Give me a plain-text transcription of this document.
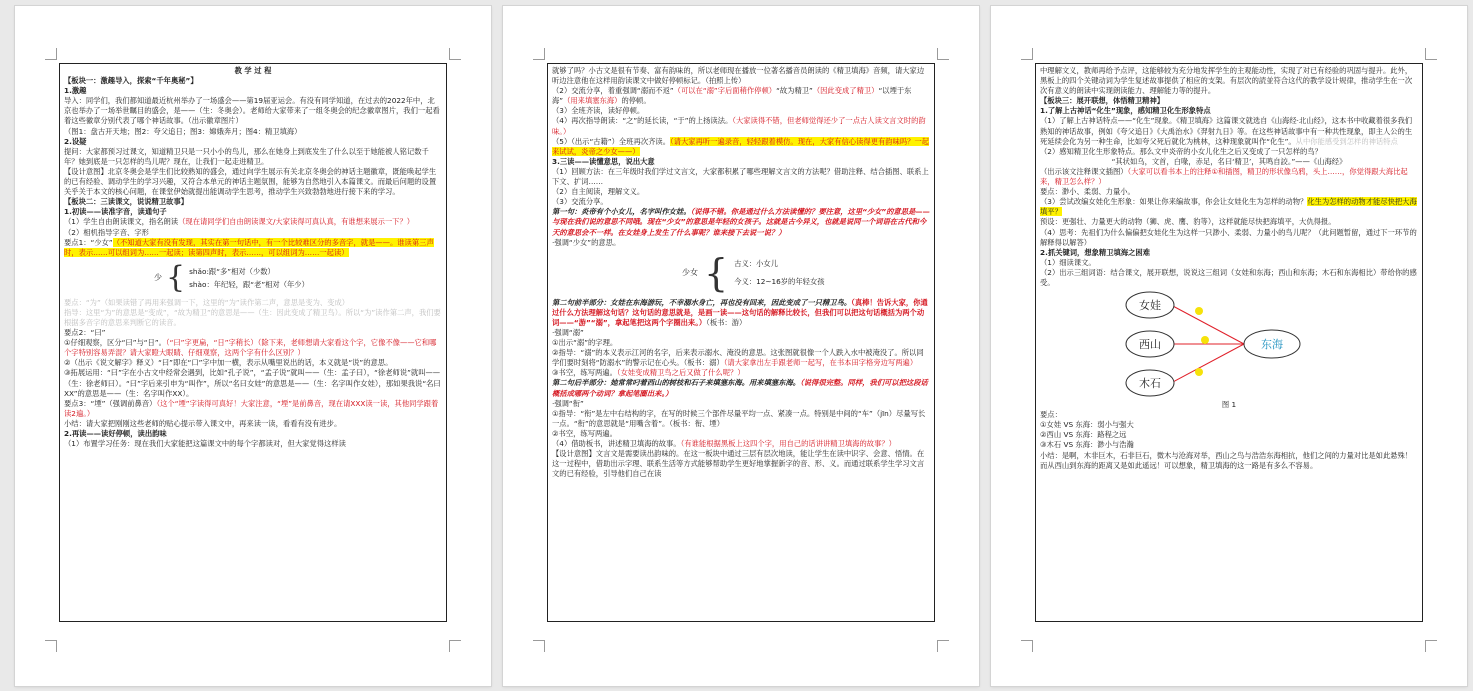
教 学 过 程

【板块一：激趣导入，探索“千年奥秘”】

1.激趣

导入：同学们，我们都知道最近杭州举办了一场盛会——第19届亚运会。有没有同学知道，在过去的2022年中，北京也举办了一场举世瞩目的盛会，是——（生：冬奥会）。老师给大家带来了一组冬奥会的纪念徽章图片，我们一起看着这些徽章分别代表了哪个神话故事。（出示徽章图片）

（图1：盘古开天地；图2：夸父追日；图3：嫦娥奔月；图4：精卫填海）

2.设疑

提问：大家都预习过课文，知道精卫只是一只小小的鸟儿，那么在她身上到底发生了什么以至于她能被人铭记数千年？她到底是一只怎样的鸟儿呢？现在，让我们一起走进精卫。

【设计意图】北京冬奥会是学生们比较熟知的盛会，通过向学生展示有关北京冬奥会的神话主题徽章，既能唤起学生的已有经验、调动学生的学习兴趣，又符合本单元的神话主题氛围，能够为自然地引入本篇课文。而最后问题的设置关乎关于本文的核心问题，在课堂伊始就提出能调动学生思考，推动学生兴致勃勃地进行接下来的学习。

【板块二：三读课文，说说精卫故事】

1.初读——读准字音，读通句子

（1）学生自由朗读课文，指名朗读（现在请同学们自由朗读课文/大家读得可真认真，有谁想来展示一下？）

（2）相机指导字音、字形

要点1：“少女”（不知道大家有没有发现，其实在第一句话中，有一个比较难区分的多音字，就是——。谁读第三声时，表示……可以组词为……一起读；读第四声时，表示……，可以组词为……一起读）

少 { shǎo:跟“多”相对（少数）
shào：年纪轻，跟“老”相对（年少）

要点：“为”（如果读错了再用来强调一下，这里的“为”读作第二声，意思是变为、变成）

指导：这里“为”的意思是“变成”，“故为精卫”的意思是——（生：因此变成了精卫鸟）。所以“为”读作第二声，我们要根据多音字的意思来判断它的读音。

要点2：“曰”

①仔细观察，区分“曰”与“日”。（“曰”字更扁，“日”字稍长）（除下来，老师想请大家看这个字，它像不像——它和哪个字特别容易弄混？请大家瞪大眼睛、仔细观察，这两个字有什么区别？）

②（出示《说文解字》释义）“曰”即在“口”字中加一横，表示从嘴里说出的话，本义就是“说”的意思。

③拓展运用：“曰”字在小古文中经常会遇到，比如“孔子说”，“孟子说”就叫——（生：孟子曰），“徐老师说”就叫——（生：徐老师曰）。“曰”字后来引申为“叫作”，所以“名曰女娃”的意思是——（生：名字叫作女娃），那如果我说“名曰XX”的意思是——（生：名字叫作XX）。

要点3：“堙”（强调前鼻音）（这个“堙”字读得可真好！大家注意，“堙”是前鼻音，现在请XXX读一读，其他同学跟着读2遍。）

小结：请大家把刚刚这些老师的贴心提示带入课文中，再来读一读，看看有没有进步。

2.再读——读好停顿，读出韵味

（1）布置学习任务：现在我们大家能把这篇课文中的每个字都读对，但大家觉得这样读

就够了吗？小古文是很有节奏、富有韵味的，所以老师现在播放一位著名播音员朗读的《精卫填海》音频，请大家边听边注意他在这样用韵读课文中做好停顿标记。（拍照上传）

（2）交流分享，着重强调“溺而不返”（可以在“溺”字后面稍作停顿）“故为精卫”（因此变成了精卫）“以堙于东海”（用来填塞东海）的停顿。

（3）全班齐读，读好停顿。

（4）再次指导朗读：“之”的延长读，“于”的上扬读法。（大家读得不错，但老师觉得还少了一点古人读文言文时的韵味。）

（5）（出示“古籍”）全班再次齐读。（请大家再听一遍录音，轻轻跟着模仿。现在，大家有信心读得更有韵味吗？一起来试试，炎帝之少女——）

3.三读——读懂意思，说出大意

（1）回顾方法：在三年级时我们学过文言文，大家都积累了哪些理解文言文的方法呢？借助注释、结合插图、联系上下文、扩词……

（2）自主阅读，理解文义。

（3）交流分享。

第一句：炎帝有个小女儿，名字叫作女娃。（说得不错。你是通过什么方法读懂的？要注意，这里“少女”的意思是——与现在我们说的意思不同哦。现在“少女”的意思是年轻的女孩子。这就是古今异义，也就是说同一个词语在古代和今天的意思会不一样。在女娃身上发生了什么事呢？谁来接下去说一说？）

·强调“少女”的意思。

少女 { 古义：小女儿
今义：12~16岁的年轻女孩

第二句前半部分：女娃在东海游玩，不幸溺水身亡，再也没有回来，因此变成了一只精卫鸟。（真棒！告诉大家，你通过什么方法理解这句话？这句话的意思就是，是画一读——这句话的解释比较长，但我们可以把这句话概括为两个动词——“游”“溺”，拿起笔把这两个字圈出来。）（板书：游）

·强调“溺”

①出示“溺”的字理。

②指导：“溺”的本义表示江河的名字，后来表示溺水、淹没的意思。这张图就很像一个人跌入水中被淹没了。所以同学们要时刻将“防溺水”的警示记在心头。（板书：溺）（请大家拿出左手跟老师一起写，在书本田字格旁边写两遍）

③书空，练写两遍。（女娃变成精卫鸟之后又做了什么呢？）

第二句后半部分：她常常叼着西山的树枝和石子来填塞东海。用来填塞东海。（说得很完整。同样，我们可以把这段话概括成哪两个动词？拿起笔圈出来。）

·强调“衔”

①指导：“衔”是左中右结构的字，在写的时候三个部件尽量平均一点、紧凑一点。特别是中间的“车”（jīn）尽量写长一点。“衔”的意思就是“用嘴含着”。（板书：衔、堙）

②书空，练写两遍。

（4）借助板书，讲述精卫填海的故事。（有谁能根据黑板上这四个字，用自己的话讲讲精卫填海的故事？）

【设计意图】文言文是需要读出韵味的。在这一板块中通过三层有层次地读，能让学生在读中识字、会意、悟情。在这一过程中，借助出示字理、联系生活等方式能够帮助学生更好地掌握新字的音、形、义。而通过联系学生学习文言文的已有经验，引导他们自己在读

中理解文义，教师再给予点评，这能够较为充分地发挥学生的主观能动性，实现了对已有经验的巩固与提升。此外，黑板上的四个关键动词为学生复述故事提供了相应的支架。有层次的読並符合这代的教学设计规律，推动学生在一次次有意义的朗读中实现朗读能力、理解能力等的提升。

【板块三：展开联想，体悟精卫精神】

1.了解上古神话“化生”现象，感知精卫化生形象特点

（1）了解上古神话特点——“化生”现象。《精卫填海》这篇课文就选自《山海经·北山经》，这本书中收藏着很多我们熟知的神话故事，例如《夸父追日》《大禹治水》《羿射九日》等。在这些神话故事中有一种共性现象，即主人公的生死延续会化为另一种生命，比如夸父死后就化为桃林，这种现象就叫作“化生”。从中你能感受到怎样的神话特点

（2）感知精卫化生形象特点。那么文中炎帝的小女儿化生之后又变成了一只怎样的鸟？

“其状如乌，文首，白喙，赤足，名曰‘精卫’，其鸣自詨。”——《山海经》

（出示该文注释课文插图）（大家可以看书本上的注释①和插图，精卫的形状像乌鸦，头上……，你觉得跟大海比起来，精卫怎么样？）

要点：渺小、柔弱、力量小。

（3）尝试改编女娃化生形象：如果让你来编故事，你会让女娃化生为怎样的动物？化生为怎样的动物才能尽快把大海填平？

预设：更强壮、力量更大的动物（狮、虎、鹰、豹等），这样就能尽快把海填平，大仇得报。

（4）思考：先祖们为什么偏偏把女娃化生为这样一只渺小、柔弱、力量小的鸟儿呢？（此问题暂留，通过下一环节的解释得以解答）

2.抓关键词，想象精卫填海之困难

（1）细读课文。

（2）出示三组词语：结合课文，展开联想，说说这三组词（女娃和东海；西山和东海；木石和东海相比）带给你的感受。

女娃
西山
木石
东海

图 1

要点：

①女娃 VS 东海：弱小与强大

②西山 VS 东海：路程之远

③木石 VS 东海：渺小与浩瀚

小结：是啊，木非巨木，石非巨石，微木与沧海对举，西山之鸟与浩浩东海相抗，他们之间的力量对比是如此悬殊！而从西山到东海的距离又是如此遥远！可以想象，精卫填海的这一路是有多么不容易。
